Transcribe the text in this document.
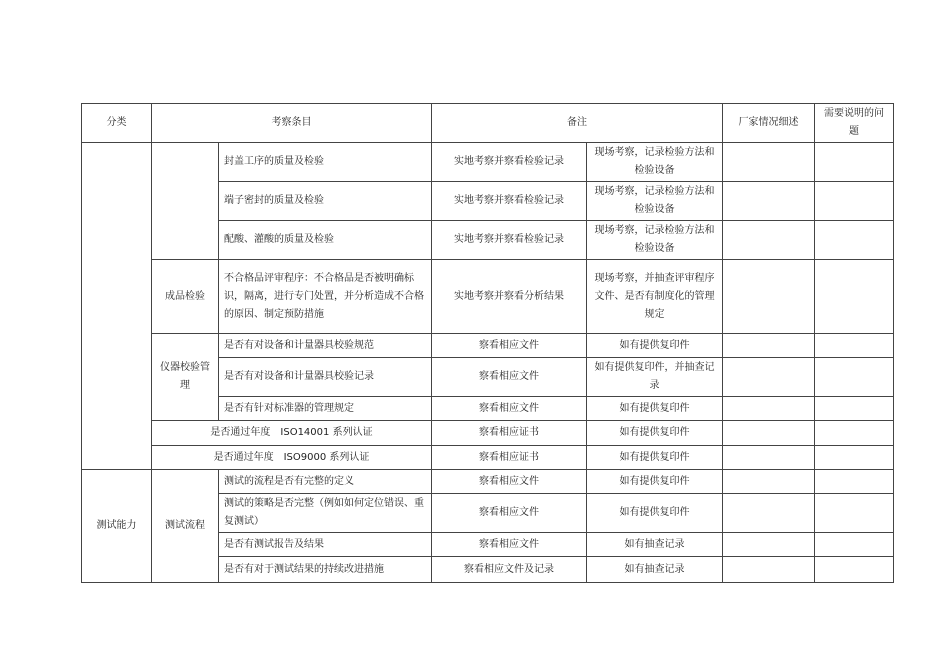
分类	考察条目		备注		厂家情况细述	需要说明的问题
		封盖工序的质量及检验	实地考察并察看检验记录	现场考察，记录检验方法和检验设备		
		端子密封的质量及检验	实地考察并察看检验记录	现场考察，记录检验方法和检验设备		
		配酸、灌酸的质量及检验	实地考察并察看检验记录	现场考察，记录检验方法和检验设备		
	成品检验	不合格品评审程序：不合格品是否被明确标识，隔离，进行专门处置，并分析造成不合格的原因、制定预防措施	实地考察并察看分析结果	现场考察，并抽查评审程序文件、是否有制度化的管理规定		
	仪器校验管理	是否有对设备和计量器具校验规范	察看相应文件	如有提供复印件		
		是否有对设备和计量器具校验记录	察看相应文件	如有提供复印件，并抽查记录		
		是否有针对标准器的管理规定	察看相应文件	如有提供复印件		
	是否通过年度　ISO14001 系列认证		察看相应证书	如有提供复印件		
	是否通过年度　ISO9000 系列认证		察看相应证书	如有提供复印件		
测试能力	测试流程	测试的流程是否有完整的定义	察看相应文件	如有提供复印件		
		测试的策略是否完整（例如如何定位错误、重复测试）	察看相应文件	如有提供复印件		
		是否有测试报告及结果	察看相应文件	如有抽查记录		
		是否有对于测试结果的持续改进措施	察看相应文件及记录	如有抽查记录		
